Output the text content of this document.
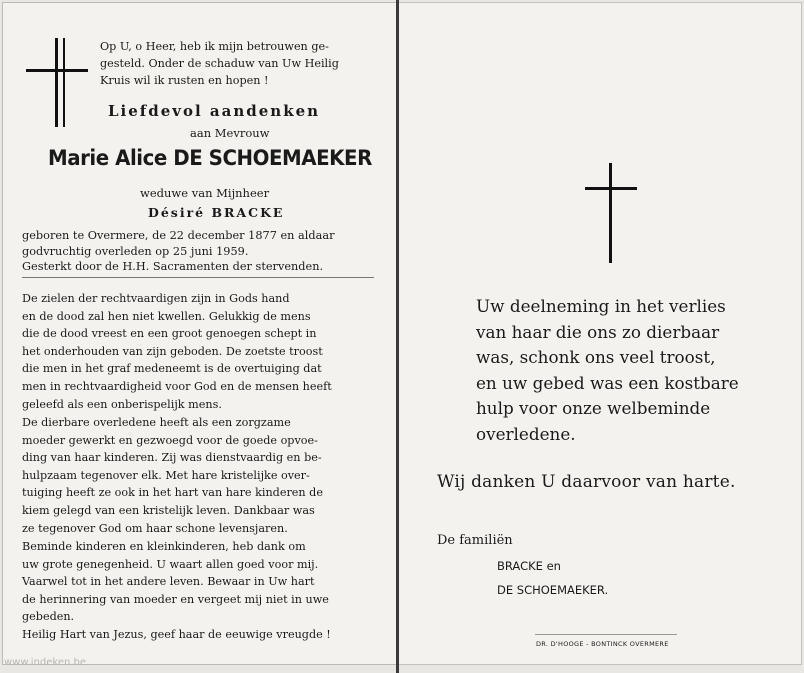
Op U, o Heer, heb ik mijn betrouwen ge-
gesteld. Onder de schaduw van Uw Heilig
Kruis wil ik rusten en hopen !

Liefdevol aandenken

aan Mevrouw

Marie Alice DE SCHOEMAEKER

weduwe van Mijnheer

Désiré BRACKE

geboren te Overmere, de 22 december 1877 en aldaar
godvruchtig overleden op 25 juni 1959.
Gesterkt door de H.H. Sacramenten der stervenden.

De zielen der rechtvaardigen zijn in Gods hand
en de dood zal hen niet kwellen. Gelukkig de mens
die de dood vreest en een groot genoegen schept in
het onderhouden van zijn geboden. De zoetste troost
die men in het graf medeneemt is de overtuiging dat
men in rechtvaardigheid voor God en de mensen heeft
geleefd als een onberispelijk mens.

De dierbare overledene heeft als een zorgzame
moeder gewerkt en gezwoegd voor de goede opvoe-
ding van haar kinderen. Zij was dienstvaardig en be-
hulpzaam tegenover elk. Met hare kristelijke over-
tuiging heeft ze ook in het hart van hare kinderen de
kiem gelegd van een kristelijk leven. Dankbaar was
ze tegenover God om haar schone levensjaren.

Beminde kinderen en kleinkinderen, heb dank om
uw grote genegenheid. U waart allen goed voor mij.
Vaarwel tot in het andere leven. Bewaar in Uw hart
de herinnering van moeder en vergeet mij niet in uwe
gebeden.
Heilig Hart van Jezus, geef haar de eeuwige vreugde !

www.indeken.be

Uw deelneming in het verlies
van haar die ons zo dierbaar
was, schonk ons veel troost,
en uw gebed was een kostbare
hulp voor onze welbeminde
overledene.

Wij danken U daarvoor van harte.

De familiën

BRACKE en

DE SCHOEMAEKER.

DR. D'HOOGE - BONTINCK OVERMERE
